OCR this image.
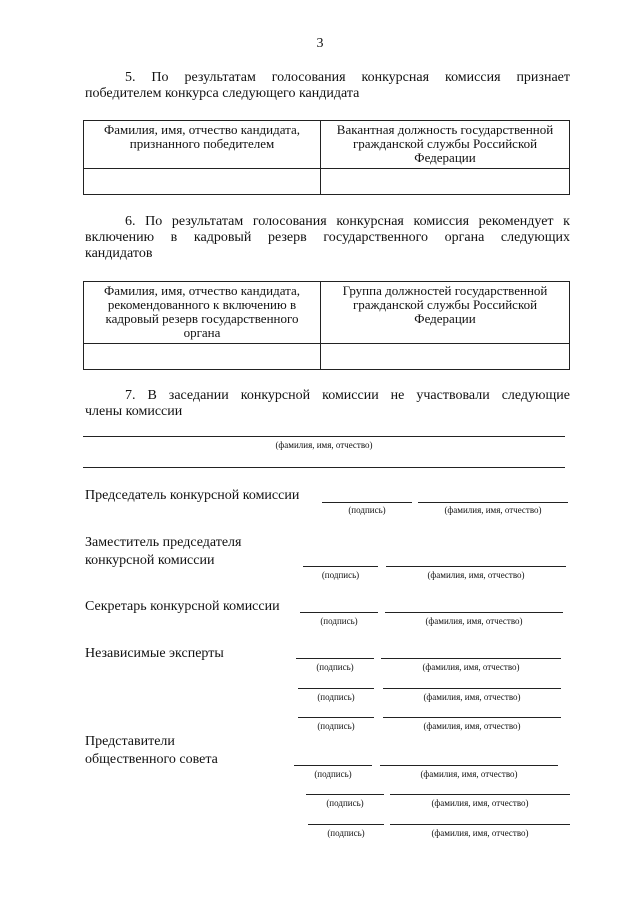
3
5. По результатам голосования конкурсная комиссия признает
победителем конкурса следующего кандидата
Фамилия, имя, отчество кандидата, признанного победителем	Вакантная должность государственной гражданской службы Российской Федерации

6. По результатам голосования конкурсная комиссия рекомендует к
включению в кадровый резерв государственного органа следующих
кандидатов
Фамилия, имя, отчество кандидата, рекомендованного к включению в кадровый резерв государственного органа	Группа должностей государственной гражданской службы Российской Федерации

7. В заседании конкурсной комиссии не участвовали следующие
члены комиссии
(фамилия, имя, отчество)
Председатель конкурсной комиссии
(подпись)	(фамилия, имя, отчество)
Заместитель председателя
конкурсной комиссии
(подпись)	(фамилия, имя, отчество)
Секретарь конкурсной комиссии
(подпись)	(фамилия, имя, отчество)
Независимые эксперты
(подпись)	(фамилия, имя, отчество)
(подпись)	(фамилия, имя, отчество)
(подпись)	(фамилия, имя, отчество)
Представители
общественного совета
(подпись)	(фамилия, имя, отчество)
(подпись)	(фамилия, имя, отчество)
(подпись)	(фамилия, имя, отчество)
